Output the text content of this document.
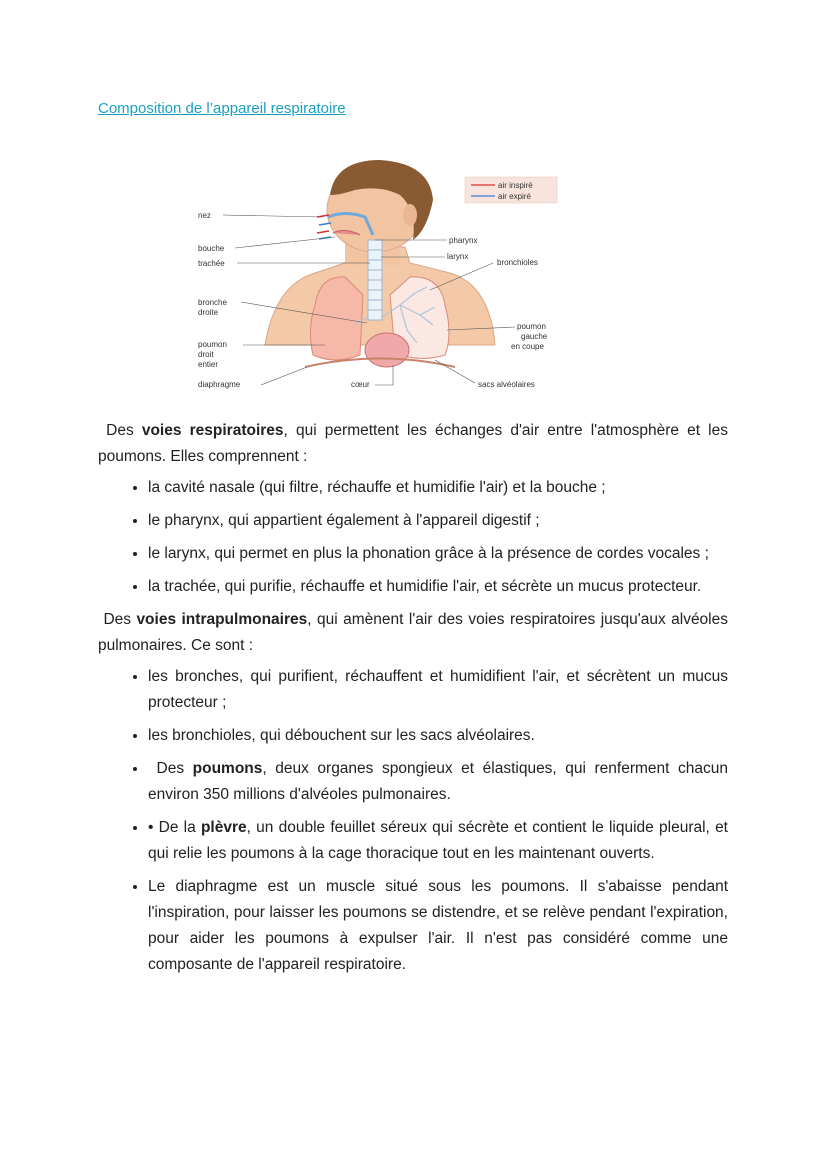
Composition de l’appareil respiratoire
air inspiré
air expiré
nez
bouche
trachée
bronche
droite
poumon
droit
entier
diaphragme	cœur
pharynx
larynx
bronchioles
poumon
gauche
en coupe
sacs alvéolaires

Des voies respiratoires, qui permettent les échanges d'air entre l'atmosphère et les poumons. Elles comprennent :

• la cavité nasale (qui filtre, réchauffe et humidifie l'air) et la bouche ;
• le pharynx, qui appartient également à l'appareil digestif ;
• le larynx, qui permet en plus la phonation grâce à la présence de cordes vocales ;
• la trachée, qui purifie, réchauffe et humidifie l'air, et sécrète un mucus protecteur.

Des voies intrapulmonaires, qui amènent l'air des voies respiratoires jusqu'aux alvéoles pulmonaires. Ce sont :

• les bronches, qui purifient, réchauffent et humidifient l'air, et sécrètent un mucus protecteur ;
• les bronchioles, qui débouchent sur les sacs alvéolaires.
• Des poumons, deux organes spongieux et élastiques, qui renferment chacun environ 350 millions d'alvéoles pulmonaires.
• • De la plèvre, un double feuillet séreux qui sécrète et contient le liquide pleural, et qui relie les poumons à la cage thoracique tout en les maintenant ouverts.
• Le diaphragme est un muscle situé sous les poumons. Il s'abaisse pendant l'inspiration, pour laisser les poumons se distendre, et se relève pendant l'expiration, pour aider les poumons à expulser l'air. Il n'est pas considéré comme une composante de l'appareil respiratoire.
